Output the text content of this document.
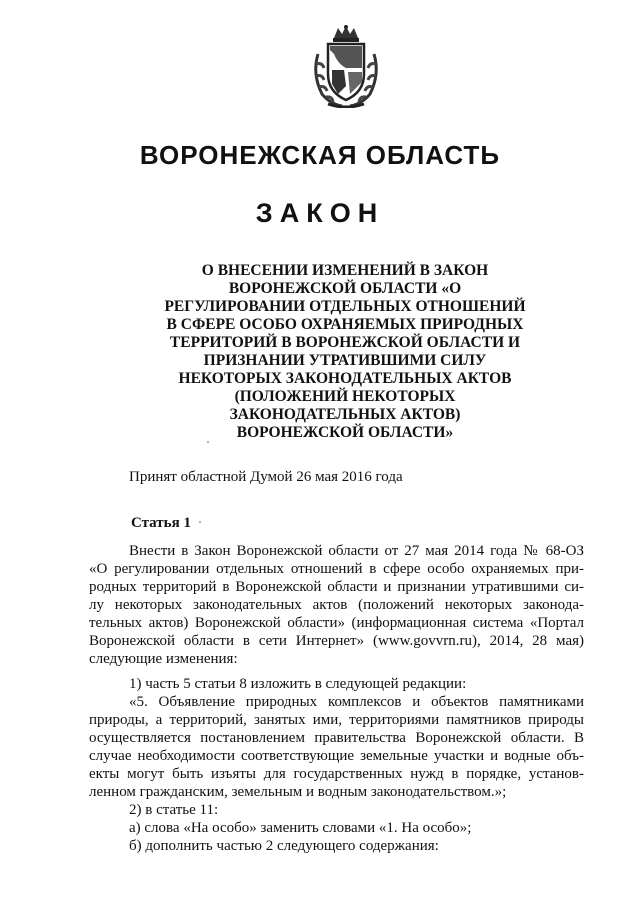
ВОРОНЕЖСКАЯ ОБЛАСТЬ
ЗАКОН
О ВНЕСЕНИИ ИЗМЕНЕНИЙ В ЗАКОН
ВОРОНЕЖСКОЙ ОБЛАСТИ «О
РЕГУЛИРОВАНИИ ОТДЕЛЬНЫХ ОТНОШЕНИЙ
В СФЕРЕ ОСОБО ОХРАНЯЕМЫХ ПРИРОДНЫХ
ТЕРРИТОРИЙ В ВОРОНЕЖСКОЙ ОБЛАСТИ И
ПРИЗНАНИИ УТРАТИВШИМИ СИЛУ
НЕКОТОРЫХ ЗАКОНОДАТЕЛЬНЫХ АКТОВ
(ПОЛОЖЕНИЙ НЕКОТОРЫХ
ЗАКОНОДАТЕЛЬНЫХ АКТОВ)
ВОРОНЕЖСКОЙ ОБЛАСТИ»
Принят областной Думой 26 мая 2016 года
Статья 1
Внести в Закон Воронежской области от 27 мая 2014 года № 68-ОЗ
«О регулировании отдельных отношений в сфере особо охраняемых при-
родных территорий в Воронежской области и признании утратившими си-
лу некоторых законодательных актов (положений некоторых законода-
тельных актов) Воронежской области» (информационная система «Портал
Воронежской области в сети Интернет» (www.govvrn.ru), 2014, 28 мая)
следующие изменения:
1) часть 5 статьи 8 изложить в следующей редакции:
«5. Объявление природных комплексов и объектов памятниками
природы, а территорий, занятых ими, территориями памятников природы
осуществляется постановлением правительства Воронежской области. В
случае необходимости соответствующие земельные участки и водные объ-
екты могут быть изъяты для государственных нужд в порядке, установ-
ленном гражданским, земельным и водным законодательством.»;
2) в статье 11:
а) слова «На особо» заменить словами «1. На особо»;
б) дополнить частью 2 следующего содержания:
